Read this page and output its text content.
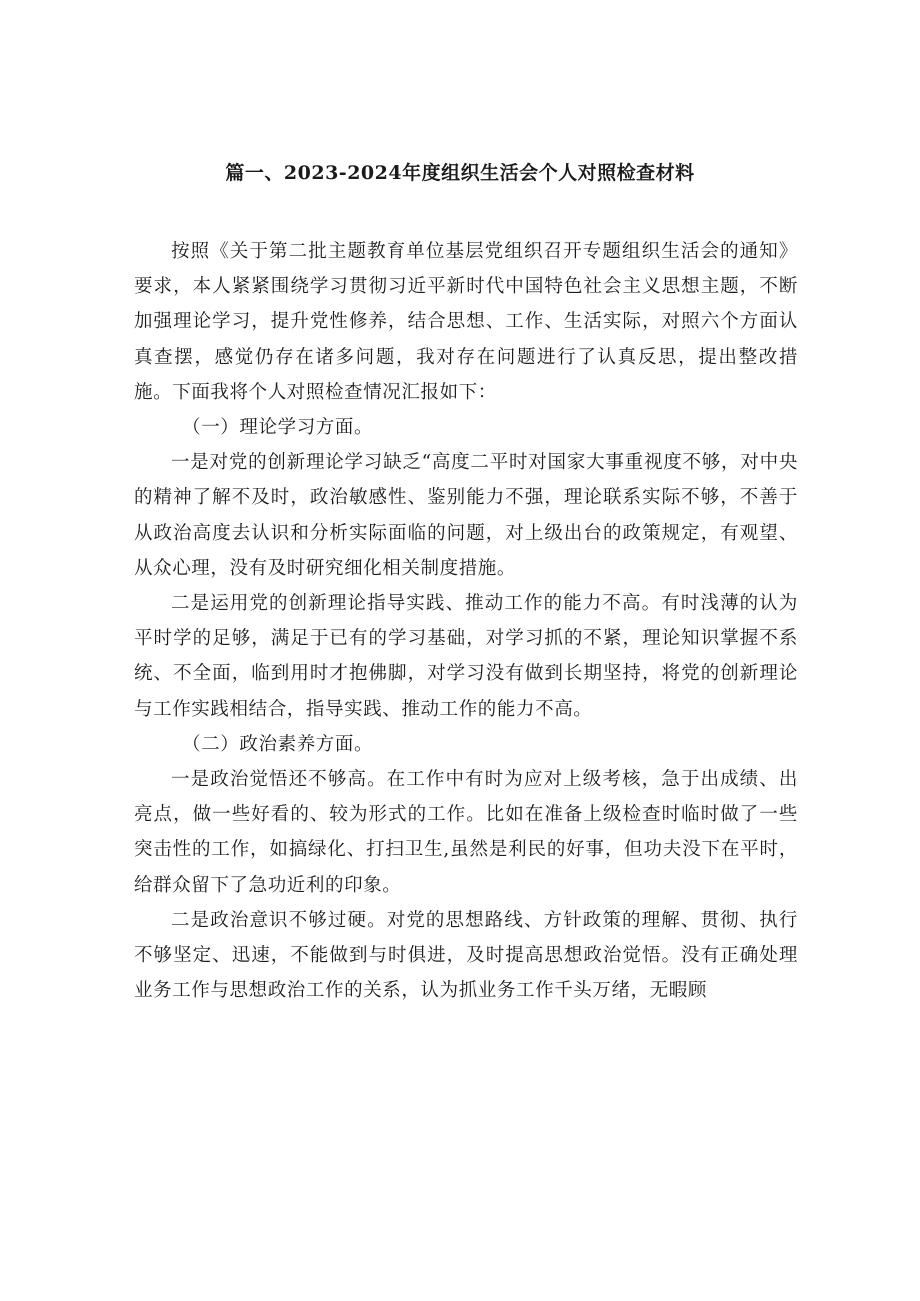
篇一、2023-2024年度组织生活会个人对照检查材料

按照《关于第二批主题教育单位基层党组织召开专题组织生活会的通知》要求，本人紧紧围绕学习贯彻习近平新时代中国特色社会主义思想主题，不断加强理论学习，提升党性修养，结合思想、工作、生活实际，对照六个方面认真查摆，感觉仍存在诸多问题，我对存在问题进行了认真反思，提出整改措施。下面我将个人对照检查情况汇报如下：

（一）理论学习方面。

一是对党的创新理论学习缺乏“高度二平时对国家大事重视度不够，对中央的精神了解不及时，政治敏感性、鉴别能力不强，理论联系实际不够，不善于从政治高度去认识和分析实际面临的问题，对上级出台的政策规定，有观望、从众心理，没有及时研究细化相关制度措施。

二是运用党的创新理论指导实践、推动工作的能力不高。有时浅薄的认为平时学的足够，满足于已有的学习基础，对学习抓的不紧，理论知识掌握不系统、不全面，临到用时才抱佛脚，对学习没有做到长期坚持，将党的创新理论与工作实践相结合，指导实践、推动工作的能力不高。

（二）政治素养方面。

一是政治觉悟还不够高。在工作中有时为应对上级考核，急于出成绩、出亮点，做一些好看的、较为形式的工作。比如在准备上级检查时临时做了一些突击性的工作，如搞绿化、打扫卫生,虽然是利民的好事，但功夫没下在平时，给群众留下了急功近利的印象。

二是政治意识不够过硬。对党的思想路线、方针政策的理解、贯彻、执行不够坚定、迅速，不能做到与时俱进，及时提高思想政治觉悟。没有正确处理业务工作与思想政治工作的关系，认为抓业务工作千头万绪，无暇顾
